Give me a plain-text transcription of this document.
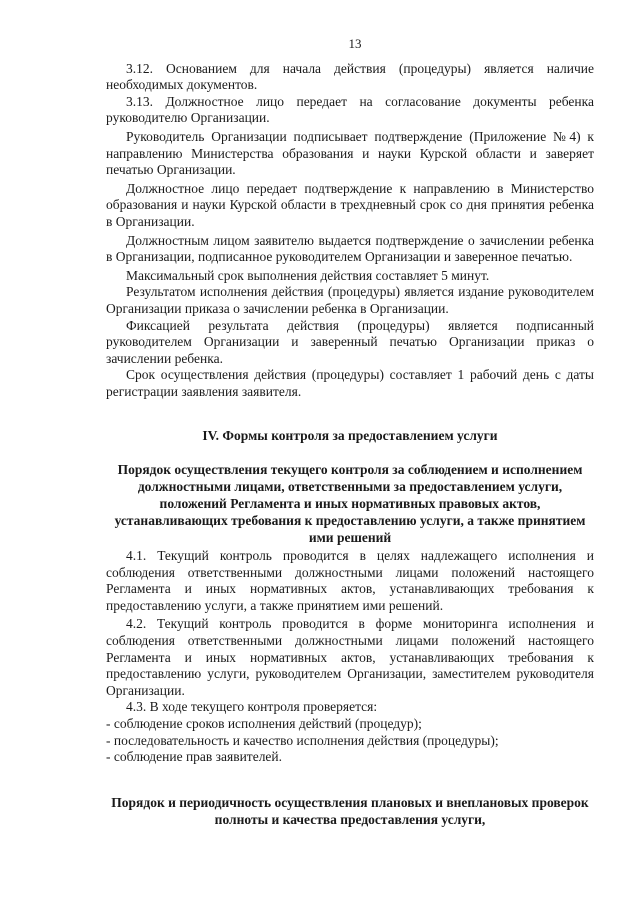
13

3.12. Основанием для начала действия (процедуры) является наличие необходимых документов.

3.13. Должностное лицо передает на согласование документы ребенка руководителю Организации.

Руководитель Организации подписывает подтверждение (Приложение №4) к направлению Министерства образования и науки Курской области и заверяет печатью Организации.

Должностное лицо передает подтверждение к направлению в Министерство образования и науки Курской области в трехдневный срок со дня принятия ребенка в Организации.

Должностным лицом заявителю выдается подтверждение о зачислении ребенка в Организации, подписанное руководителем Организации и заверенное печатью.

Максимальный срок выполнения действия составляет 5 минут.

Результатом исполнения действия (процедуры) является издание руководителем Организации приказа о зачислении ребенка в Организации.

Фиксацией результата действия (процедуры) является подписанный руководителем Организации и заверенный печатью Организации приказ о зачислении ребенка.

Срок осуществления действия (процедуры) составляет 1 рабочий день с даты регистрации заявления заявителя.

IV. Формы контроля за предоставлением услуги
Порядок осуществления текущего контроля за соблюдением и исполнением должностными лицами, ответственными за предоставлением услуги, положений Регламента и иных нормативных правовых актов, устанавливающих требования к предоставлению услуги, а также принятием ими решений

4.1. Текущий контроль проводится в целях надлежащего исполнения и соблюдения ответственными должностными лицами положений настоящего Регламента и иных нормативных актов, устанавливающих требования к предоставлению услуги, а также принятием ими решений.

4.2. Текущий контроль проводится в форме мониторинга исполнения и соблюдения ответственными должностными лицами положений настоящего Регламента и иных нормативных актов, устанавливающих требования к предоставлению услуги, руководителем Организации, заместителем руководителя Организации.

4.3. В ходе текущего контроля проверяется:

- соблюдение сроков исполнения действий (процедур);

- последовательность и качество исполнения действия (процедуры);

- соблюдение прав заявителей.

Порядок и периодичность осуществления плановых и внеплановых проверок полноты и качества предоставления услуги,
